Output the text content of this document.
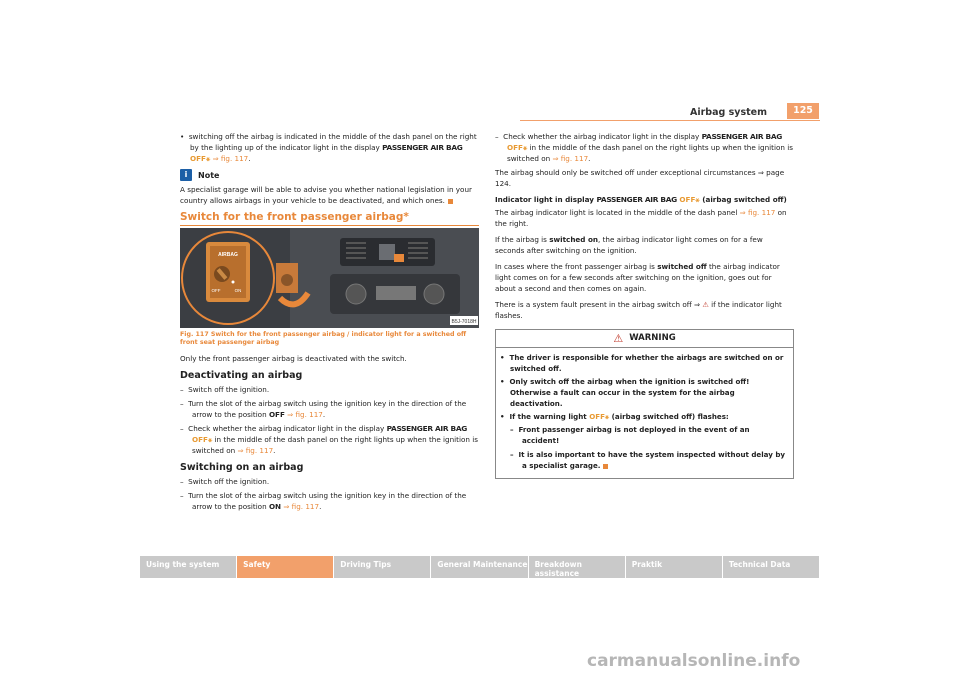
Airbag system	125

•  switching off the airbag is indicated in the middle of the dash panel on the right by the lighting up of the indicator light in the display PASSENGER AIR BAG OFF⚹ ⇒ fig. 117.

i	Note

A specialist garage will be able to advise you whether national legislation in your country allows airbags in your vehicle to be deactivated, and which ones.

Switch for the front passenger airbag*
B5J-7018H
AIRBAG
OFF	ON
Fig. 117 Switch for the front passenger airbag / indicator light for a switched off front seat passenger airbag

Only the front passenger airbag is deactivated with the switch.

Deactivating an airbag

–  Switch off the ignition.

–  Turn the slot of the airbag switch using the ignition key in the direction of the arrow to the position OFF ⇒ fig. 117.

–  Check whether the airbag indicator light in the display PASSENGER AIR BAG OFF⚹ in the middle of the dash panel on the right lights up when the ignition is switched on ⇒ fig. 117.

Switching on an airbag

–  Switch off the ignition.

–  Turn the slot of the airbag switch using the ignition key in the direction of the arrow to the position ON ⇒ fig. 117.

–  Check whether the airbag indicator light in the display PASSENGER AIR BAG OFF⚹ in the middle of the dash panel on the right lights up when the ignition is switched on ⇒ fig. 117.

The airbag should only be switched off under exceptional circumstances ⇒ page 124.

Indicator light in display PASSENGER AIR BAG OFF⚹ (airbag switched off)

The airbag indicator light is located in the middle of the dash panel ⇒ fig. 117 on the right.

If the airbag is switched on, the airbag indicator light comes on for a few seconds after switching on the ignition.

In cases where the front passenger airbag is switched off the airbag indicator light comes on for a few seconds after switching on the ignition, goes out for about a second and then comes on again.

There is a system fault present in the airbag switch off ⇒ ⚠ if the indicator light flashes.

⚠ WARNING

•  The driver is responsible for whether the airbags are switched on or switched off.

•  Only switch off the airbag when the ignition is switched off! Otherwise a fault can occur in the system for the airbag deactivation.

•  If the warning light OFF⚹ (airbag switched off) flashes:

–  Front passenger airbag is not deployed in the event of an accident!

–  It is also important to have the system inspected without delay by a specialist garage.

Using the system	Safety	Driving Tips	General Maintenance Breakdown assistance
Praktik	Technical Data
carmanualsonline.info
